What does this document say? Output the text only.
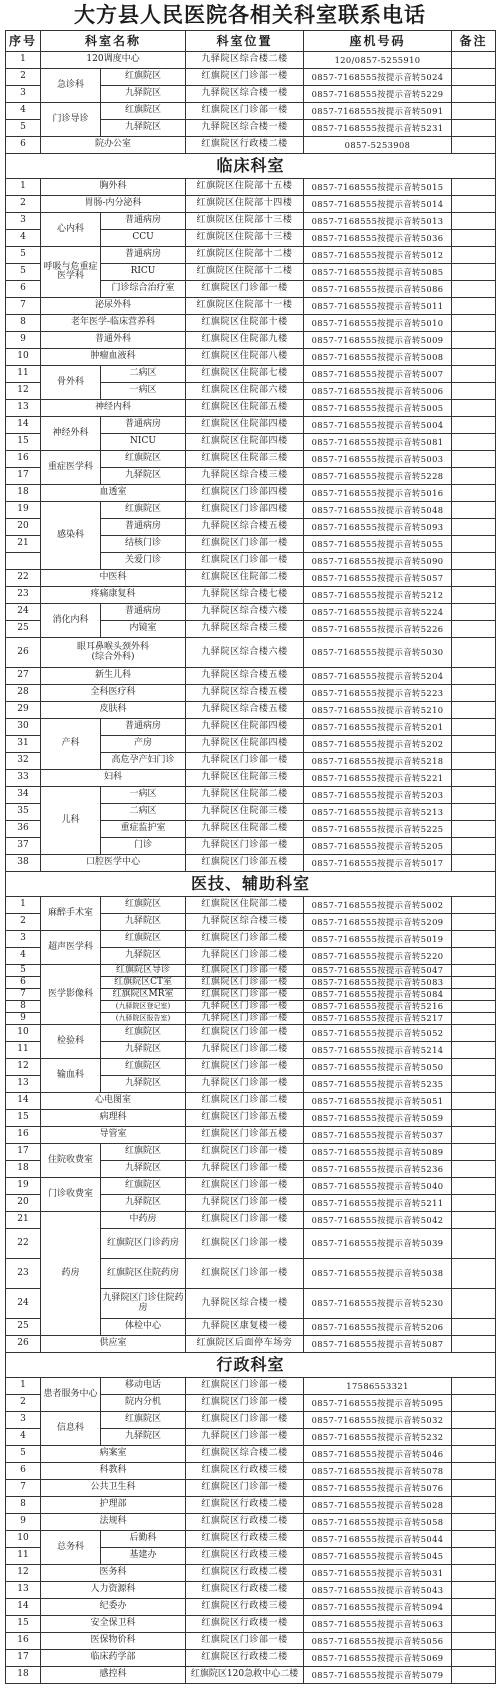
大方县人民医院各相关科室联系电话
序号	科室名称		科室位置	座机号码	备注
1	120调度中心		九驿院区综合楼二楼	120/0857-5255910	
2	急诊科	红旗院区	红旗院区门诊部一楼	0857-7168555按提示音转5024	
3		九驿院区	九驿院区综合楼一楼	0857-7168555按提示音转5229	
4	门诊导诊	红旗院区	红旗院区门诊部一楼	0857-7168555按提示音转5091	
5		九驿院区	九驿院区综合楼一楼	0857-7168555按提示音转5231	
6	院办公室		红旗院区行政楼二楼	0857-5253908	
临床科室					
1	胸外科		红旗院区住院部十五楼	0857-7168555按提示音转5015	
2	胃肠-内分泌科		红旗院区住院部十四楼	0857-7168555按提示音转5014	
3	心内科	普通病房	红旗院区住院部十三楼	0857-7168555按提示音转5013	
4		CCU	红旗院区住院部十三楼	0857-7168555按提示音转5036	
5	呼吸与危重症医学科	普通病房	红旗院区住院部十二楼	0857-7168555按提示音转5012	
5		RICU	红旗院区住院部十二楼	0857-7168555按提示音转5085	
6		门诊综合治疗室	红旗院区门诊部一楼	0857-7168555按提示音转5086	
7	泌尿外科		红旗院区住院部十一楼	0857-7168555按提示音转5011	
8	老年医学-临床营养科		红旗院区住院部十楼	0857-7168555按提示音转5010	
9	普通外科		红旗院区住院部九楼	0857-7168555按提示音转5009	
10	肿瘤血液科		红旗院区住院部八楼	0857-7168555按提示音转5008	
11	骨外科	二病区	红旗院区住院部七楼	0857-7168555按提示音转5007	
12		一病区	红旗院区住院部六楼	0857-7168555按提示音转5006	
13	神经内科		红旗院区住院部五楼	0857-7168555按提示音转5005	
14	神经外科	普通病房	红旗院区住院部四楼	0857-7168555按提示音转5004	
15		NICU	红旗院区住院部四楼	0857-7168555按提示音转5081	
16	重症医学科	红旗院区	红旗院区住院部三楼	0857-7168555按提示音转5003	
17		九驿院区	九驿院区综合楼三楼	0857-7168555按提示音转5228	
18	血透室		红旗院区门诊部四楼	0857-7168555按提示音转5016	
19	感染科	红旗院区	红旗院区门诊部四楼	0857-7168555按提示音转5048	
20		普通病房	九驿院区综合楼五楼	0857-7168555按提示音转5093	
21		结核门诊	红旗院区门诊部一楼	0857-7168555按提示音转5055	
		关爱门诊	红旗院区门诊部一楼	0857-7168555按提示音转5090	
22	中医科		红旗院区住院部二楼	0857-7168555按提示音转5057	
23	疼痛康复科		九驿院区综合楼七楼	0857-7168555按提示音转5212	
24	消化内科	普通病房	九驿院区综合楼六楼	0857-7168555按提示音转5224	
25		内镜室	九驿院区综合楼三楼	0857-7168555按提示音转5226	
26	眼耳鼻喉头颈外科
(综合外科)		九驿院区综合楼六楼	0857-7168555按提示音转5030	
27	新生儿科		九驿院区综合楼五楼	0857-7168555按提示音转5204	
28	全科医疗科		九驿院区综合楼五楼	0857-7168555按提示音转5223	
29	皮肤科		九驿院区综合楼五楼	0857-7168555按提示音转5210	
30	产科	普通病房	九驿院区住院部四楼	0857-7168555按提示音转5201	
31		产房	九驿院区住院部四楼	0857-7168555按提示音转5202	
32		高危孕产妇门诊	九驿院区门诊部一楼	0857-7168555按提示音转5218	
33	妇科		九驿院区住院部三楼	0857-7168555按提示音转5221	
34	儿科	一病区	九驿院区住院部二楼	0857-7168555按提示音转5203	
35		二病区	九驿院区住院部三楼	0857-7168555按提示音转5213	
36		重症监护室	九驿院区住院部二楼	0857-7168555按提示音转5225	
37		门诊	九驿院区门诊部一楼	0857-7168555按提示音转5205	
38	口腔医学中心		红旗院区门诊部五楼	0857-7168555按提示音转5017	
医技、辅助科室					
1	麻醉手术室	红旗院区	红旗院区住院部二楼	0857-7168555按提示音转5002	
2		九驿院区	九驿院区综合楼三楼	0857-7168555按提示音转5209	
3	超声医学科	红旗院区	红旗院区门诊部二楼	0857-7168555按提示音转5019	
4		九驿院区	九驿院区门诊部二楼	0857-7168555按提示音转5220	
5	医学影像科	红旗院区导诊	红旗院区门诊部一楼	0857-7168555按提示音转5047	
6		红旗院区CT室	红旗院区门诊部一楼	0857-7168555按提示音转5083	
7		红旗院区MR室	红旗院区门诊部一楼	0857-7168555按提示音转5084	
8		(九驿院区登记室)	九驿院区门诊部一楼	0857-7168555按提示音转5216	
9		(九驿院区报告室)	九驿院区门诊部一楼	0857-7168555按提示音转5217	
10	检验科	红旗院区	红旗院区门诊部一楼	0857-7168555按提示音转5052	
11		九驿院区	九驿院区门诊部二楼	0857-7168555按提示音转5214	
12	输血科	红旗院区	红旗院区门诊部一楼	0857-7168555按提示音转5050	
13		九驿院区	九驿院区门诊部一楼	0857-7168555按提示音转5235	
14	心电图室		红旗院区门诊部二楼	0857-7168555按提示音转5051	
15	病理科		红旗院区门诊部五楼	0857-7168555按提示音转5059	
16	导管室		红旗院区门诊部五楼	0857-7168555按提示音转5037	
17	住院收费室	红旗院区	红旗院区门诊部一楼	0857-7168555按提示音转5089	
18		九驿院区	九驿院区门诊部一楼	0857-7168555按提示音转5236	
19	门诊收费室	红旗院区	红旗院区门诊部一楼	0857-7168555按提示音转5040	
20		九驿院区	九驿院区门诊部一楼	0857-7168555按提示音转5211	
21	药房	中药房	红旗院区门诊部一楼	0857-7168555按提示音转5042	
22		红旗院区门诊药房	红旗院区门诊部一楼	0857-7168555按提示音转5039	
23		红旗院区住院药房	红旗院区门诊部一楼	0857-7168555按提示音转5038	
24		九驿院区门诊住院药房	九驿院区综合楼一楼	0857-7168555按提示音转5230	
25		体检中心	九驿院区康复楼一楼	0857-7168555按提示音转5206	
26	供应室		红旗院区后面停车场旁	0857-7168555按提示音转5087	
行政科室					
1	患者服务中心	移动电话	红旗院区门诊部一楼	17586553321	
2		院内分机	红旗院区门诊部一楼	0857-7168555按提示音转5095	
3	信息科	红旗院区	红旗院区门诊部一楼	0857-7168555按提示音转5032	
4		九驿院区	九驿院区门诊部一楼	0857-7168555按提示音转5232	
5	病案室		红旗院区综合楼二楼	0857-7168555按提示音转5046	
6	科教科		红旗院区行政楼三楼	0857-7168555按提示音转5078	
7	公共卫生科		红旗院区门诊部一楼	0857-7168555按提示音转5076	
8	护理部		红旗院区行政楼二楼	0857-7168555按提示音转5028	
9	法规科		红旗院区行政楼二楼	0857-7168555按提示音转5058	
10	总务科	后勤科	红旗院区行政楼三楼	0857-7168555按提示音转5044	
11		基建办	红旗院区行政楼三楼	0857-7168555按提示音转5045	
12	医务科		红旗院区行政楼二楼	0857-7168555按提示音转5031	
13	人力资源科		红旗院区行政楼二楼	0857-7168555按提示音转5043	
14	纪委办		红旗院区行政楼三楼	0857-7168555按提示音转5094	
15	安全保卫科		红旗院区行政楼一楼	0857-7168555按提示音转5063	
16	医保物价科		红旗院区门诊部一楼	0857-7168555按提示音转5056	
17	临床药学部		红旗院区行政楼二楼	0857-7168555按提示音转5069	
18	感控科		红旗院区120急救中心二楼	0857-7168555按提示音转5079	
